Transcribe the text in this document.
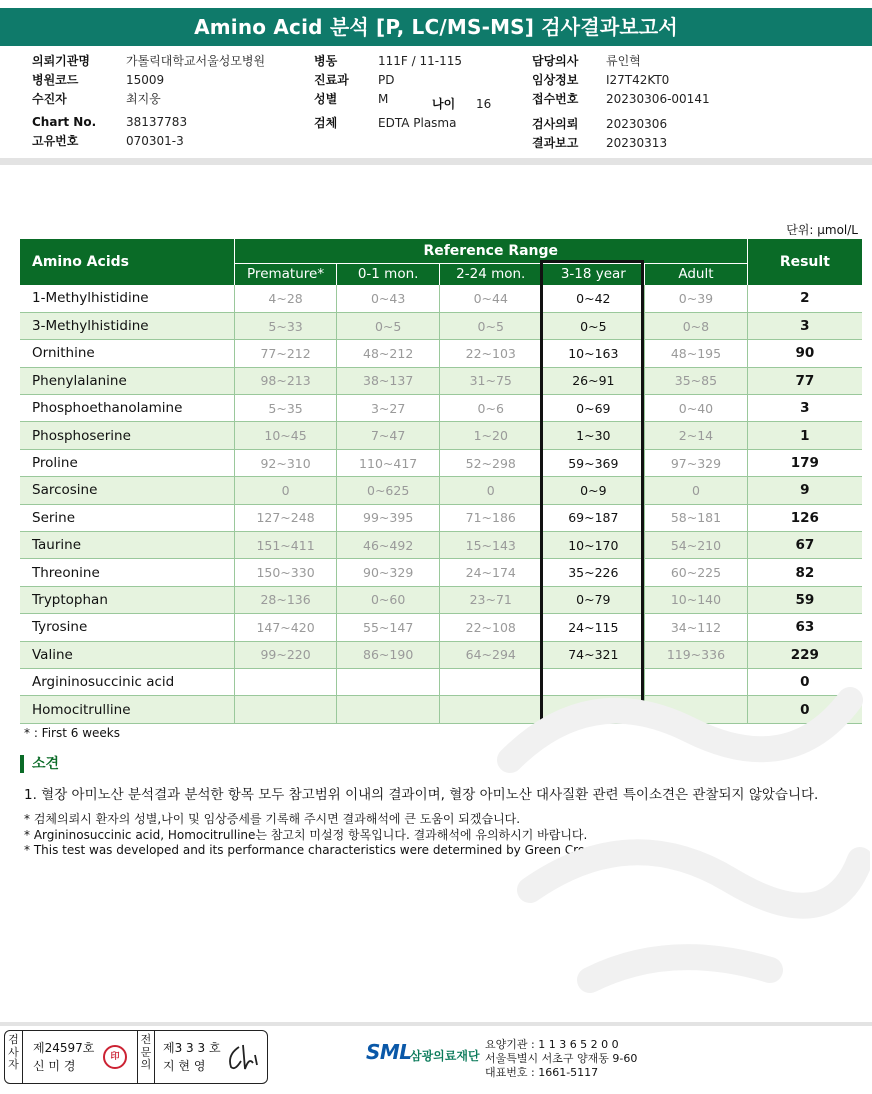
Amino Acid 분석 [P, LC/MS-MS] 검사결과보고서
의뢰기관명	가톨릭대학교서울성모병원
병원코드	15009
수진자	최지웅
Chart No. 38137783
고유번호	070301-3
병동	111F / 11-115
진료과 PD
성별	M
검체	EDTA Plasma
담당의사 류인혁
임상정보 I27T42KT0
접수번호 20230306-00141
검사의뢰 20230306
결과보고 20230313
나이 16
단위: μmol/L
Amino Acids	Reference Range					Result
	Premature*	0-1 mon.	2-24 mon.	3-18 year	Adult	
1-Methylhistidine	4~28	0~43	0~44	0~42	0~39	2
3-Methylhistidine	5~33	0~5	0~5	0~5	0~8	3
Ornithine	77~212	48~212	22~103	10~163	48~195	90
Phenylalanine	98~213	38~137	31~75	26~91	35~85	77
Phosphoethanolamine	5~35	3~27	0~6	0~69	0~40	3
Phosphoserine	10~45	7~47	1~20	1~30	2~14	1
Proline	92~310	110~417	52~298	59~369	97~329	179
Sarcosine	0	0~625	0	0~9	0	9
Serine	127~248	99~395	71~186	69~187	58~181	126
Taurine	151~411	46~492	15~143	10~170	54~210	67
Threonine	150~330	90~329	24~174	35~226	60~225	82
Tryptophan	28~136	0~60	23~71	0~79	10~140	59
Tyrosine	147~420	55~147	22~108	24~115	34~112	63
Valine	99~220	86~190	64~294	74~321	119~336	229
Argininosuccinic acid						0
Homocitrulline						0
* : First 6 weeks
소견
1. 혈장 아미노산 분석결과 분석한 항목 모두 참고범위 이내의 결과이며, 혈장 아미노산 대사질환 관련 특이소견은 관찰되지 않았습니다.
* 검체의뢰시 환자의 성별,나이 및 임상증세를 기록해 주시면 결과해석에 큰 도움이 되겠습니다.
* Argininosuccinic acid, Homocitrulline는 참고치 미설정 항목입니다. 결과해석에 유의하시기 바랍니다.
* This test was developed and its performance characteristics were determined by Green Cross Laboratories.
검사자
제24597호
신 미 경
印
전문의
제3 3 3 호
지 현 영
SML
삼광의료재단
요양기관 : 1 1 3 6 5 2 0 0
서울특별시 서초구 양재동 9-60
대표번호 : 1661-5117
